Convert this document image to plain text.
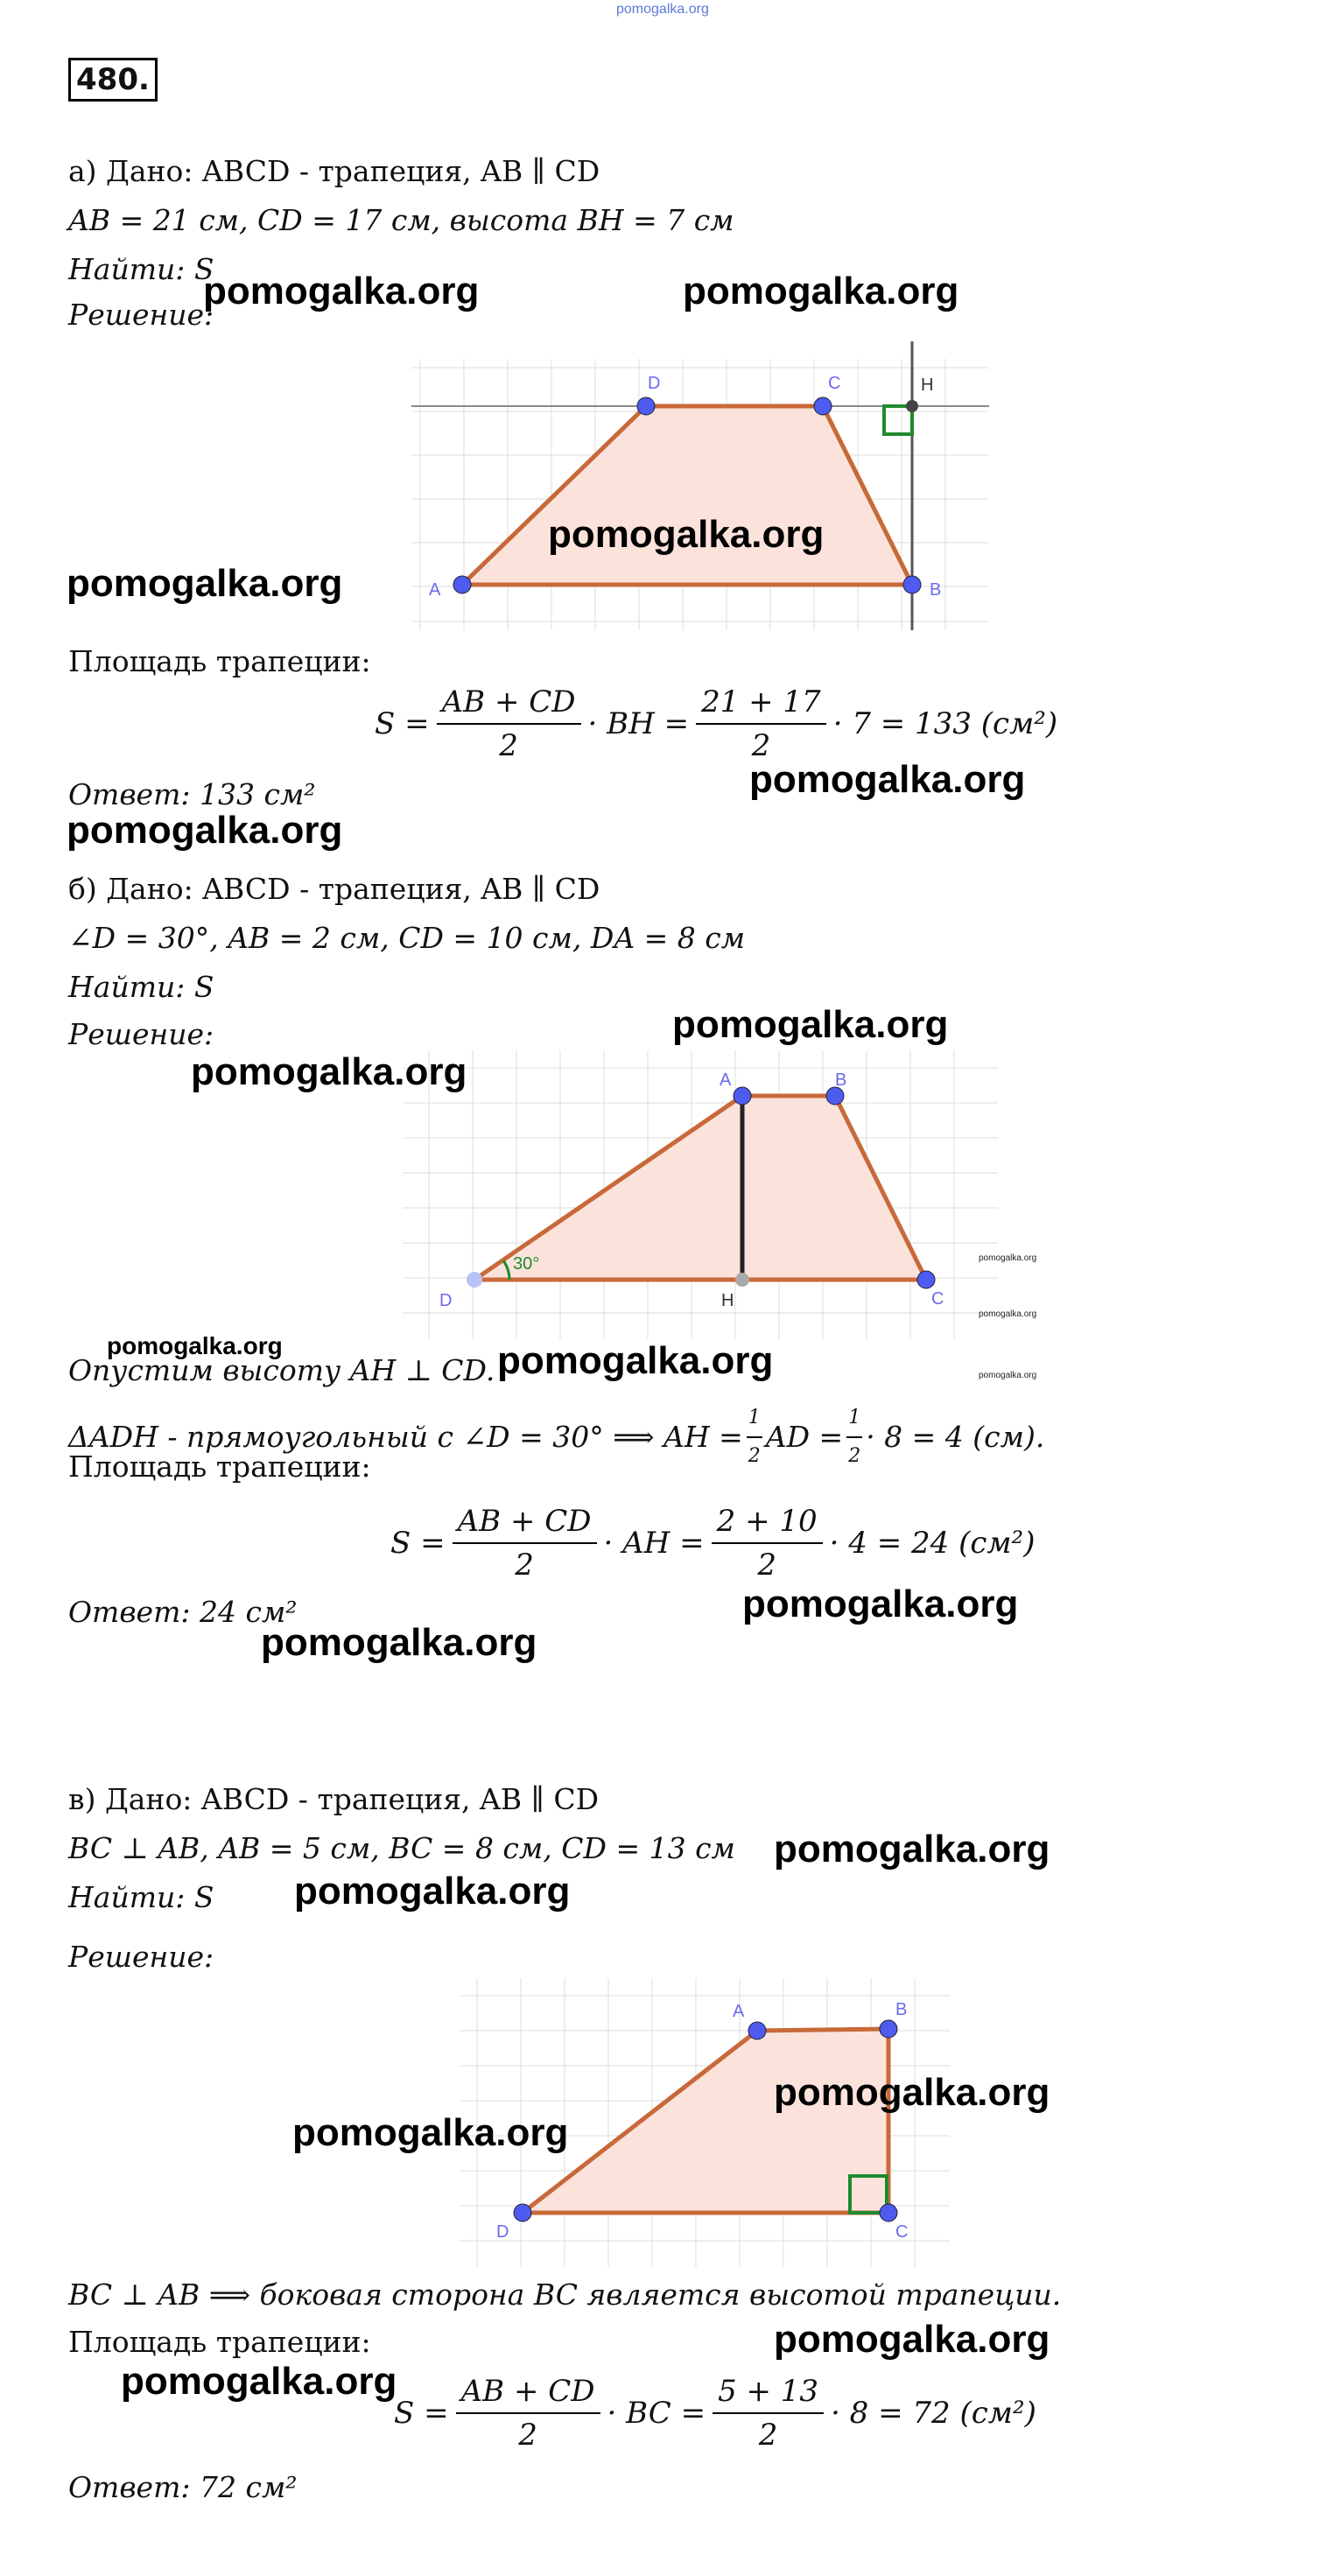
pomogalka.org
480.
а) Дано: ABCD - трапеция, AB ∥ CD
AB = 21 см, CD = 17 см, высота BH = 7 см
Найти: S
Решение:
A	B
C
D	H
Площадь трапеции:
$S = \frac{AB + CD}{2}$ · BH = $\frac{21 + 17}{2} \cdot 7 = 133$ (см²)
Ответ: 133 см²
б) Дано: ABCD - трапеция, AB ∥ CD
∠D = 30°, AB = 2 см, CD = 10 см, DA = 8 см
Найти: S
Решение:
30°
A	B
C
D	H
Опустим высоту AH ⊥ CD.
ΔADH - прямоугольный с ∠D = 30° ⟹ AH = $\frac{1}{2}$ AD = $\frac{1}{2} \cdot 8 = 4$ (см).
Площадь трапеции:
$S = \frac{AB + CD}{2}$ · AH = $\frac{2 + 10}{2} \cdot 4 = 24$ (см²)
Ответ: 24 см²
в) Дано: ABCD - трапеция, AB ∥ CD
BC ⊥ AB, AB = 5 см, BC = 8 см, CD = 13 см
Найти: S
Решение:
A	B
C
D
BC ⊥ AB ⟹ боковая сторона BC является высотой трапеции.
Площадь трапеции:
$S = \frac{AB + CD}{2}$ · BC = $\frac{5 + 13}{2} \cdot 8 = 72$ (см²)
Ответ: 72 см²
pomogalka.org	pomogalka.org
pomogalka.org
pomogalka.org
pomogalka.org
pomogalka.org
pomogalka.org
pomogalka.org
pomogalka.org	pomogalka.org
pomogalka.org
pomogalka.org
pomogalka.org
pomogalka.org
pomogalka.org
pomogalka.org
pomogalka.org
pomogalka.org
pomogalka.org
pomogalka.org
pomogalka.org
